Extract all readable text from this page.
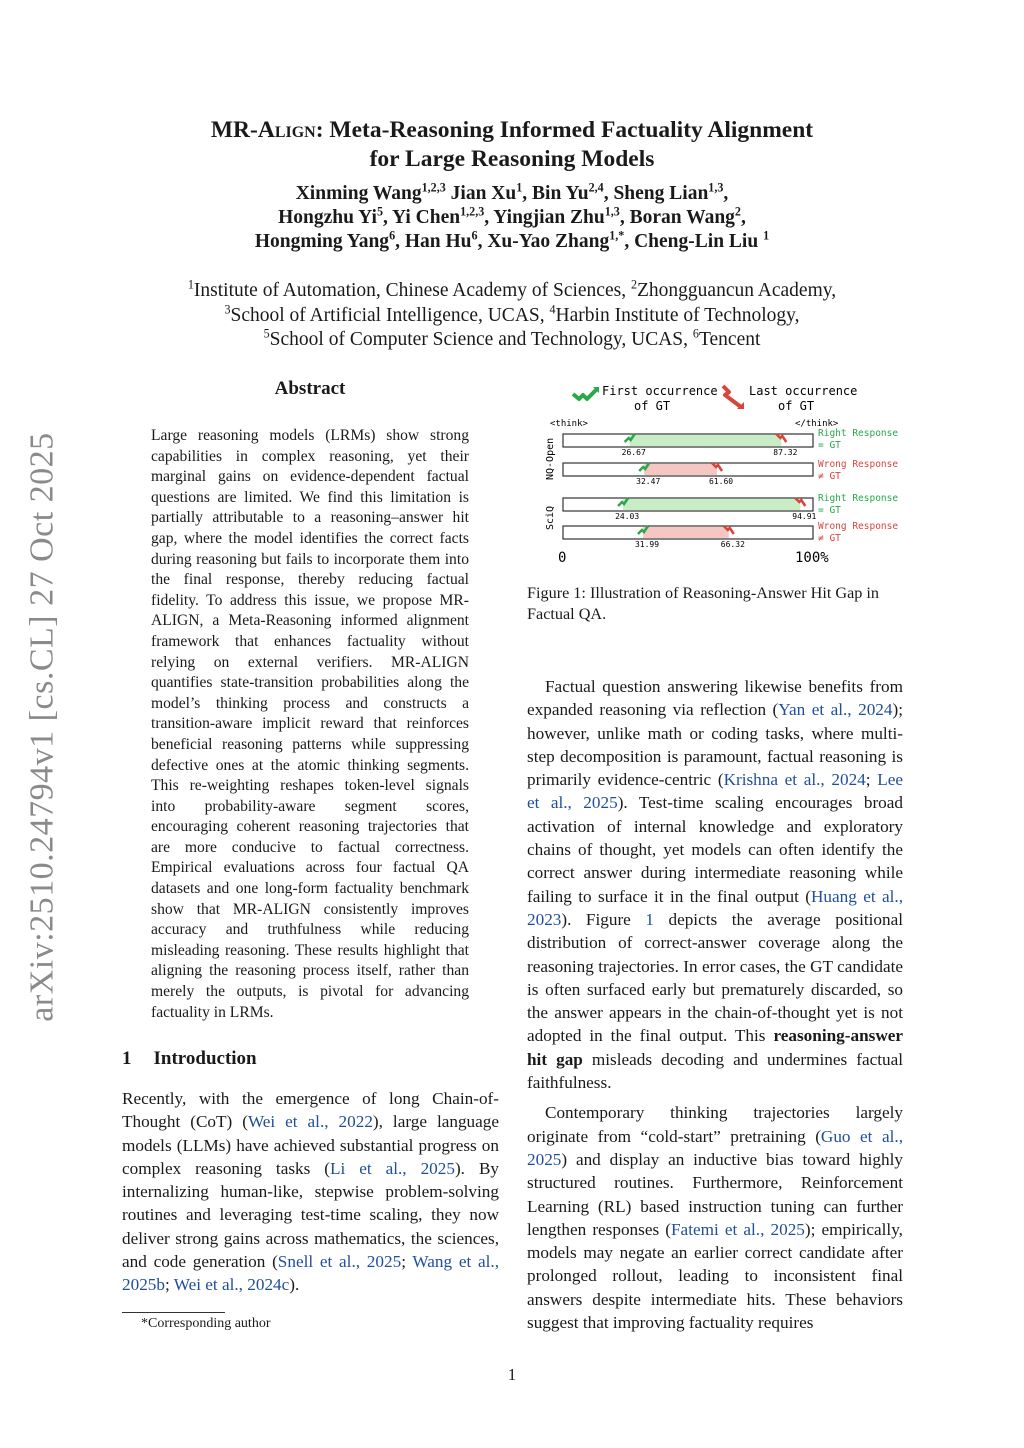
arXiv:2510.24794v1 [cs.CL] 27 Oct 2025
MR-Align: Meta-Reasoning Informed Factuality Alignment
for Large Reasoning Models
Xinming Wang$^{1,2,3}$ Jian Xu$^1$, Bin Yu$^{2,4}$, Sheng Lian$^{1,3}$,
Hongzhu Yi$^5$, Yi Chen$^{1,2,3}$, Yingjian Zhu$^{1,3}$, Boran Wang$^2$,
Hongming Yang$^6$, Han Hu$^6$, Xu-Yao Zhang$^{1,*}$, Cheng-Lin Liu $^1$
$^1$Institute of Automation, Chinese Academy of Sciences, $^2$Zhongguancun Academy,
$^3$School of Artificial Intelligence, UCAS, $^4$Harbin Institute of Technology,
$^5$School of Computer Science and Technology, UCAS, $^6$Tencent
Abstract

Large reasoning models (LRMs) show strong capabilities in complex reasoning, yet their marginal gains on evidence-dependent factual questions are limited. We find this limitation is partially attributable to a reasoning–answer hit gap, where the model identifies the correct facts during reasoning but fails to incorporate them into the final response, thereby reducing factual fidelity. To address this issue, we propose MR-ALIGN, a Meta-Reasoning informed alignment framework that enhances factuality without relying on external verifiers. MR-ALIGN quantifies state-transition probabilities along the model’s thinking process and constructs a transition-aware implicit reward that reinforces beneficial reasoning patterns while suppressing defective ones at the atomic thinking segments. This re-weighting reshapes token-level signals into probability-aware segment scores, encouraging coherent reasoning trajectories that are more conducive to factual correctness. Empirical evaluations across four factual QA datasets and one long-form factuality benchmark show that MR-ALIGN consistently improves accuracy and truthfulness while reducing misleading reasoning. These results highlight that aligning the reasoning process itself, rather than merely the outputs, is pivotal for advancing factuality in LRMs.

1 Introduction

Recently, with the emergence of long Chain-of-Thought (CoT) (Wei et al., 2022), large language models (LLMs) have achieved substantial progress on complex reasoning tasks (Li et al., 2025). By internalizing human-like, stepwise problem-solving routines and leveraging test-time scaling, they now deliver strong gains across mathematics, the sciences, and code generation (Snell et al., 2025; Wang et al., 2025b; Wei et al., 2024c).

*Corresponding author
First occurrence
of GT
Last occurrence
of GT
<think>	</think>
NQ-Open
SciQ
26.67	87.32
32.47	61.60
24.03	94.91
31.99	66.32
Right Response
= GT
Wrong Response
≠ GT
Right Response
= GT
Wrong Response
≠ GT
0	100%
Figure 1: Illustration of Reasoning-Answer Hit Gap in Factual QA.

Factual question answering likewise benefits from expanded reasoning via reflection (Yan et al., 2024); however, unlike math or coding tasks, where multi-step decomposition is paramount, factual reasoning is primarily evidence-centric (Krishna et al., 2024; Lee et al., 2025). Test-time scaling encourages broad activation of internal knowledge and exploratory chains of thought, yet models can often identify the correct answer during intermediate reasoning while failing to surface it in the final output (Huang et al., 2023). Figure 1 depicts the average positional distribution of correct-answer coverage along the reasoning trajectories. In error cases, the GT candidate is often surfaced early but prematurely discarded, so the answer appears in the chain-of-thought yet is not adopted in the final output. This reasoning-answer hit gap misleads decoding and undermines factual faithfulness.

Contemporary thinking trajectories largely originate from “cold-start” pretraining (Guo et al., 2025) and display an inductive bias toward highly structured routines. Furthermore, Reinforcement Learning (RL) based instruction tuning can further lengthen responses (Fatemi et al., 2025); empirically, models may negate an earlier correct candidate after prolonged rollout, leading to inconsistent final answers despite intermediate hits. These behaviors suggest that improving factuality requires

1
